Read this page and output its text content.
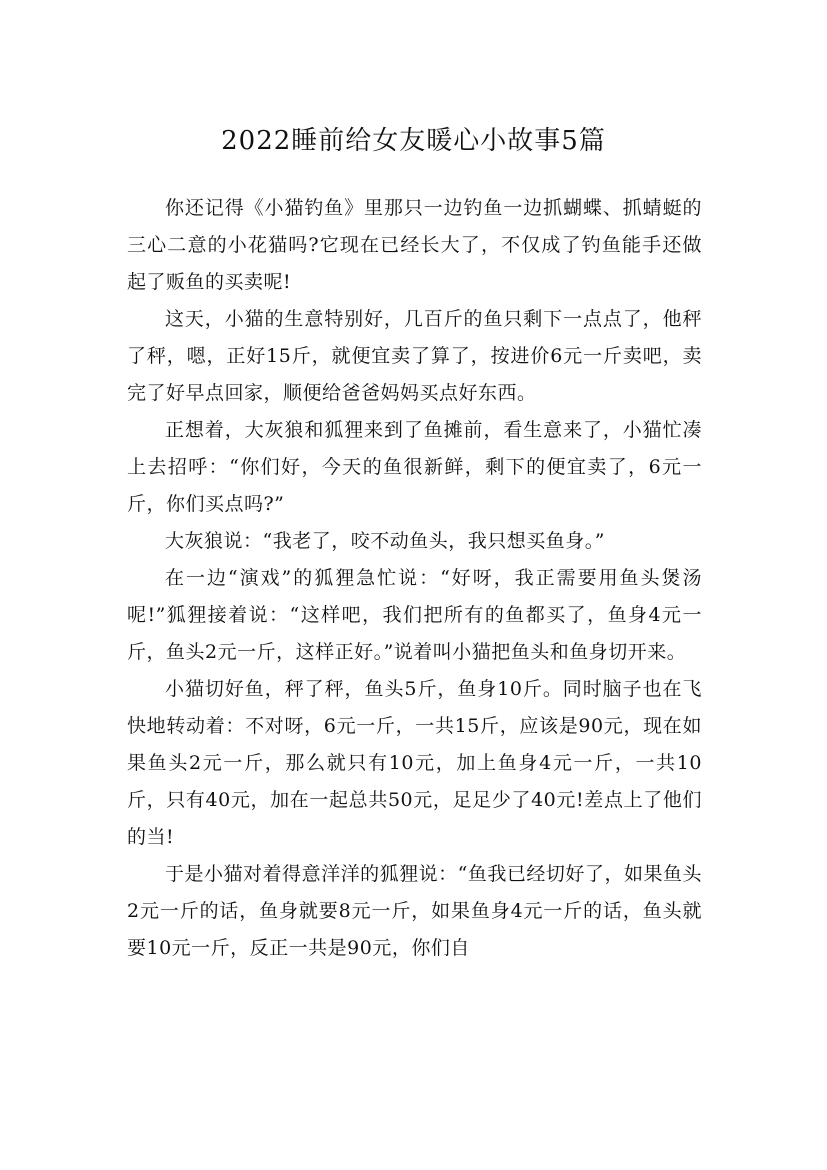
2022睡前给女友暖心小故事5篇

你还记得《小猫钓鱼》里那只一边钓鱼一边抓蝴蝶、抓蜻蜓的三心二意的小花猫吗?它现在已经长大了，不仅成了钓鱼能手还做起了贩鱼的买卖呢!

这天，小猫的生意特别好，几百斤的鱼只剩下一点点了，他秤了秤，嗯，正好15斤，就便宜卖了算了，按进价6元一斤卖吧，卖完了好早点回家，顺便给爸爸妈妈买点好东西。

正想着，大灰狼和狐狸来到了鱼摊前，看生意来了，小猫忙凑上去招呼：“你们好，今天的鱼很新鲜，剩下的便宜卖了，6元一斤，你们买点吗?”

大灰狼说：“我老了，咬不动鱼头，我只想买鱼身。”

在一边“演戏”的狐狸急忙说：“好呀，我正需要用鱼头煲汤呢!”狐狸接着说：“这样吧，我们把所有的鱼都买了，鱼身4元一斤，鱼头2元一斤，这样正好。”说着叫小猫把鱼头和鱼身切开来。

小猫切好鱼，秤了秤，鱼头5斤，鱼身10斤。同时脑子也在飞快地转动着：不对呀，6元一斤，一共15斤，应该是90元，现在如果鱼头2元一斤，那么就只有10元，加上鱼身4元一斤，一共10斤，只有40元，加在一起总共50元，足足少了40元!差点上了他们的当!

于是小猫对着得意洋洋的狐狸说：“鱼我已经切好了，如果鱼头2元一斤的话，鱼身就要8元一斤，如果鱼身4元一斤的话，鱼头就要10元一斤，反正一共是90元，你们自
